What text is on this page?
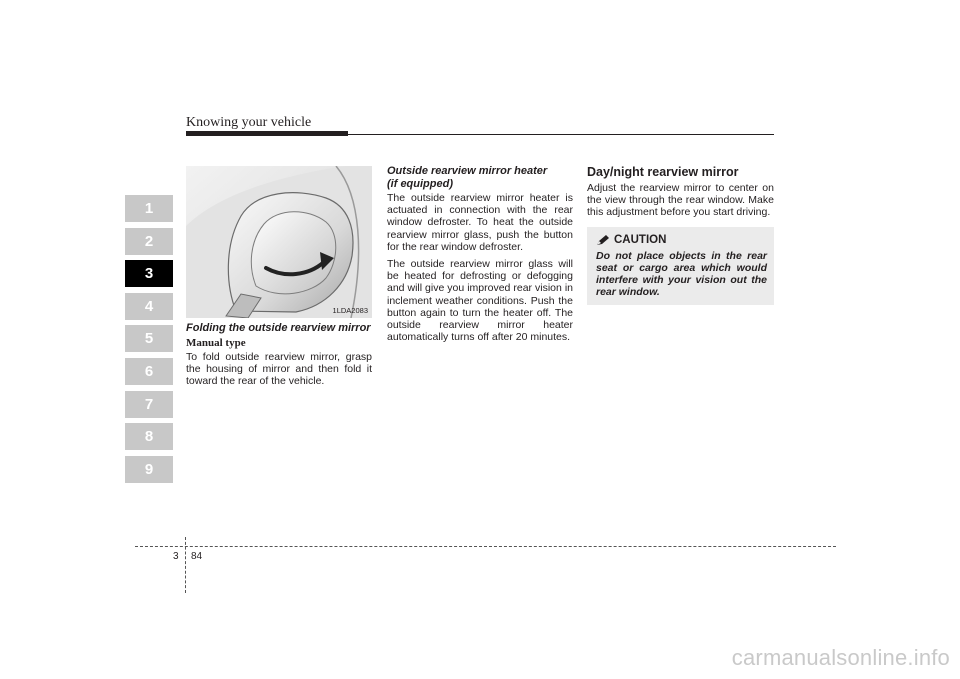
Knowing your vehicle
1
2
3
4
5
6
7
8
9
1LDA2083

Folding the outside rearview mirror

Manual type

To fold outside rearview mirror, grasp the housing of mirror and then fold it toward the rear of the vehicle.

Outside rearview mirror heater

(if equipped)

The outside rearview mirror heater is actuated in connection with the rear window defroster. To heat the outside rearview mirror glass, push the button for the rear window defroster.

The outside rearview mirror glass will be heated for defrosting or defogging and will give you improved rear vision in inclement weather conditions. Push the button again to turn the heater off. The outside rearview mirror heater automatically turns off after 20 minutes.

Day/night rearview mirror

Adjust the rearview mirror to center on the view through the rear window. Make this adjustment before you start driving.

CAUTION

Do not place objects in the rear seat or cargo area which would interfere with your vision out the rear window.

3 84
carmanualsonline.info
